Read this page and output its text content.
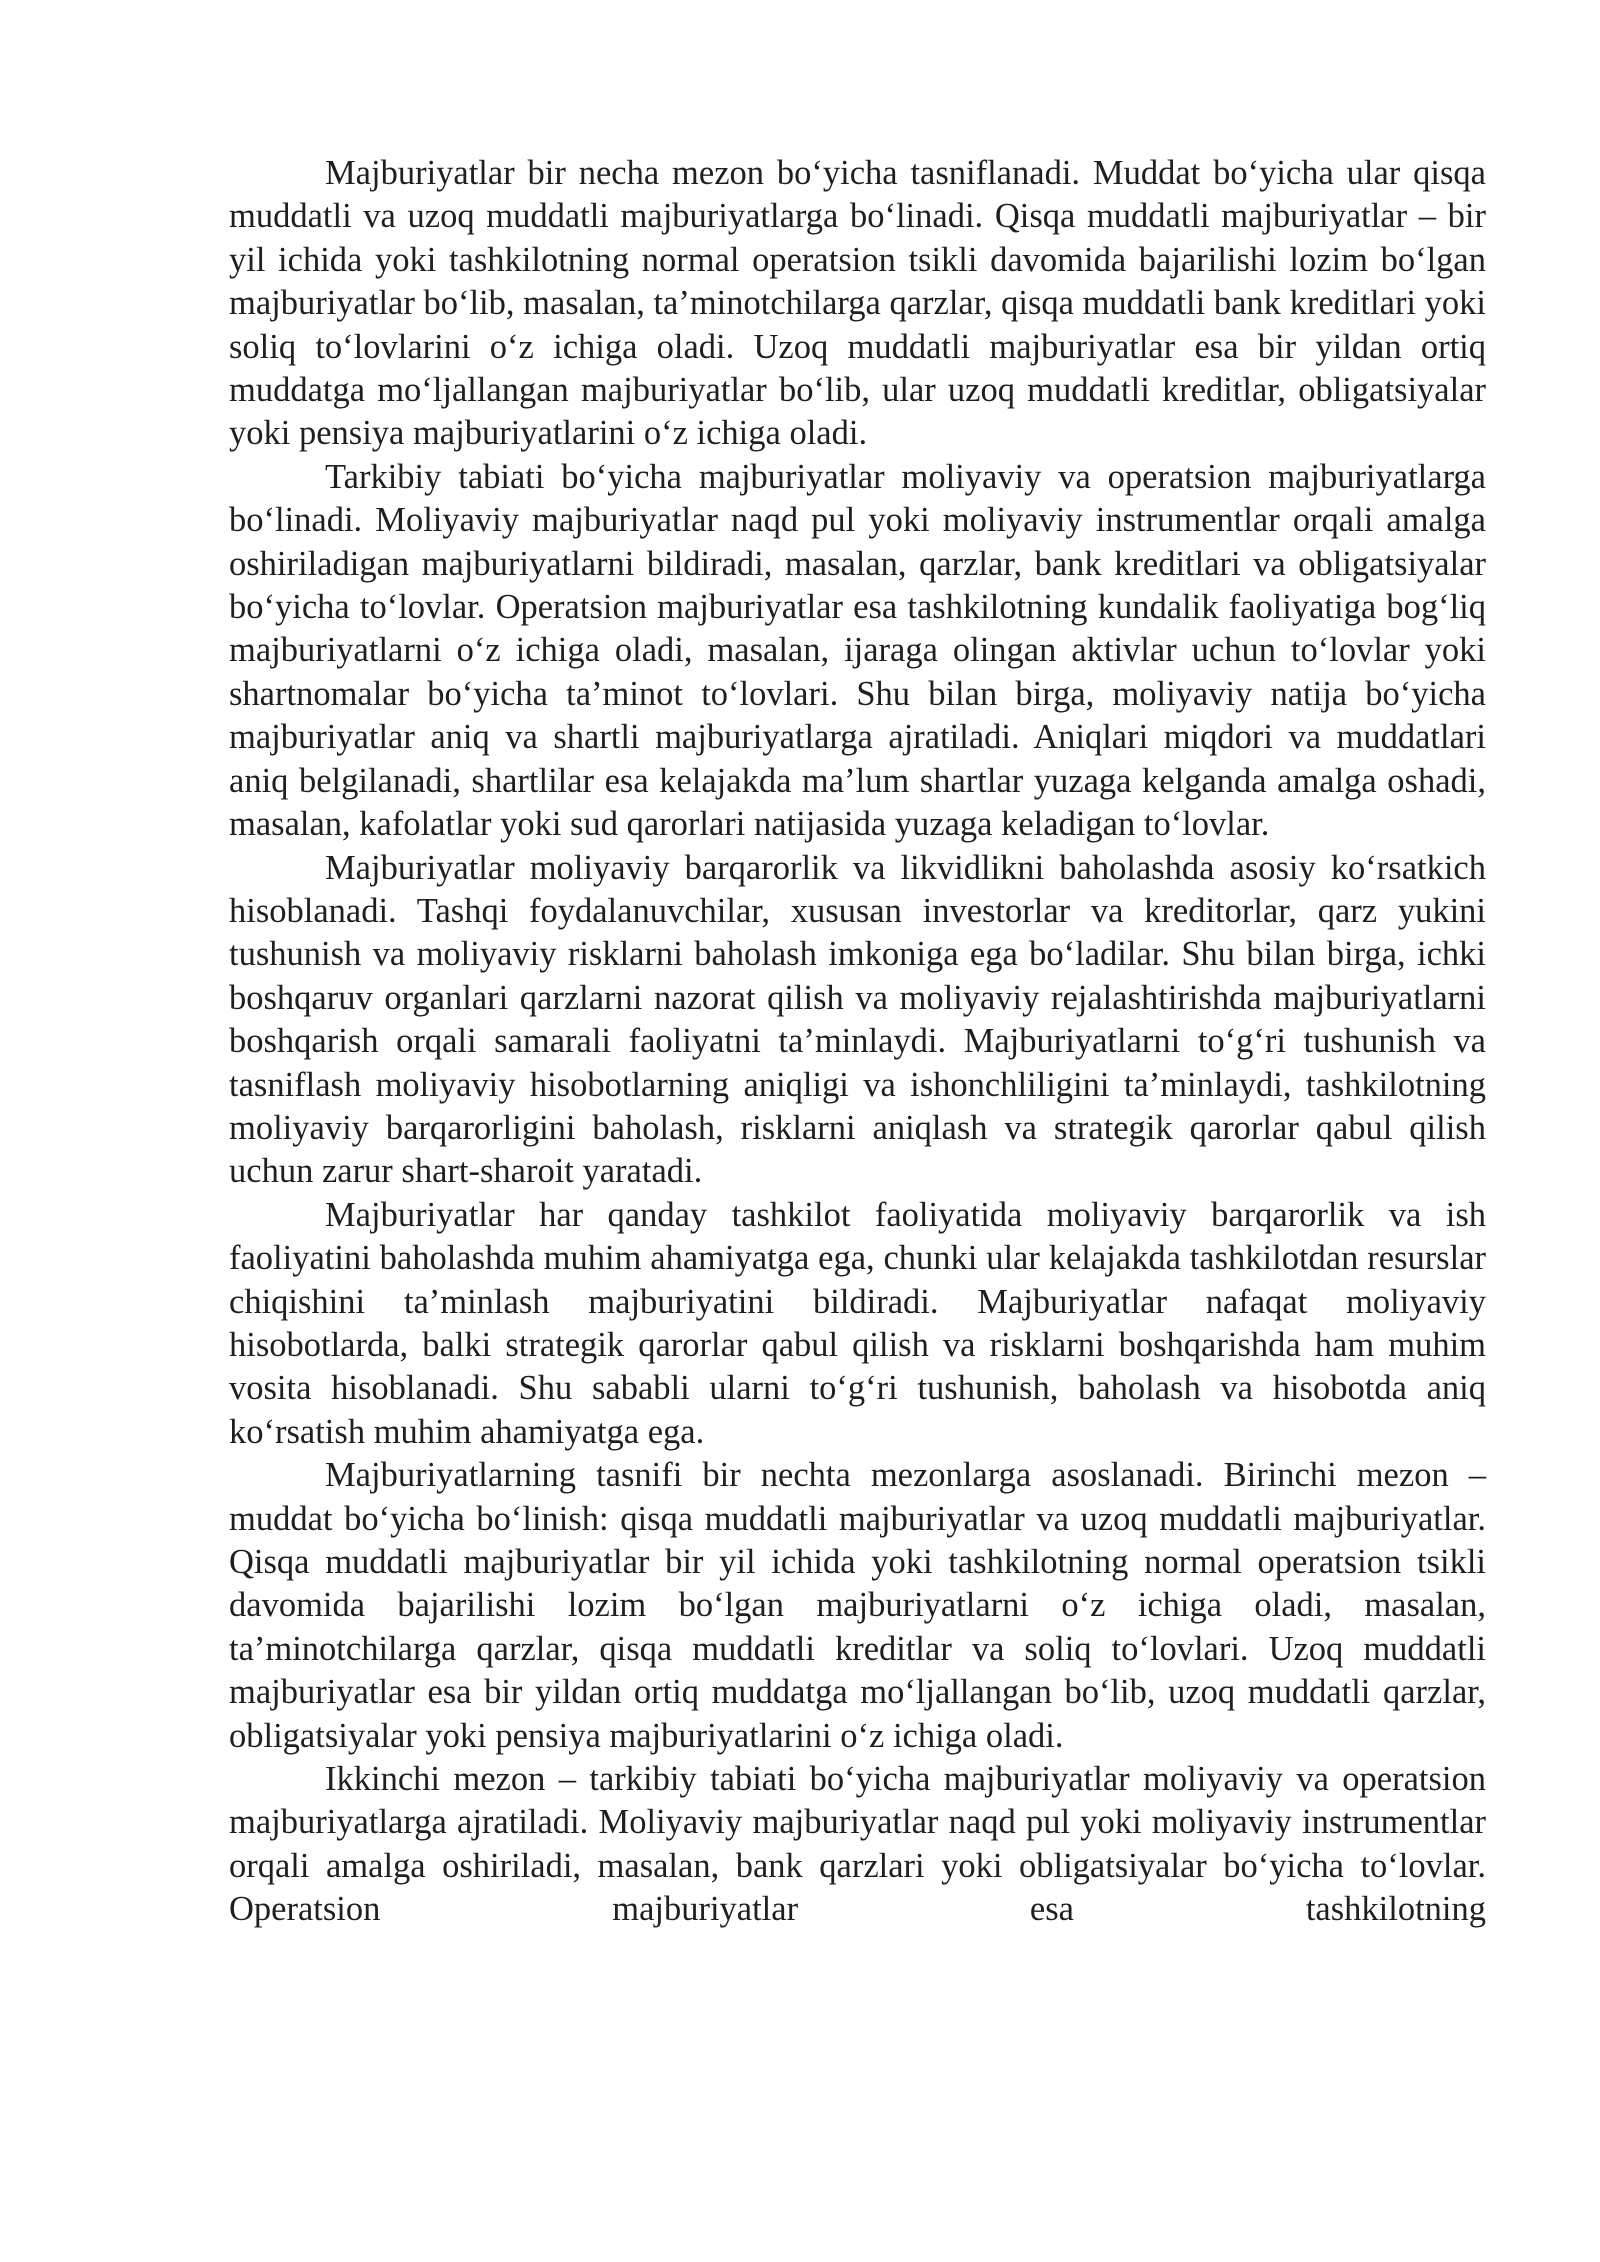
Majburiyatlar bir necha mezon bo‘yicha tasniflanadi. Muddat bo‘yicha ular qisqa muddatli va uzoq muddatli majburiyatlarga bo‘linadi. Qisqa muddatli majburiyatlar – bir yil ichida yoki tashkilotning normal operatsion tsikli davomida bajarilishi lozim bo‘lgan majburiyatlar bo‘lib, masalan, ta’minotchilarga qarzlar, qisqa muddatli bank kreditlari yoki soliq to‘lovlarini o‘z ichiga oladi. Uzoq muddatli majburiyatlar esa bir yildan ortiq muddatga mo‘ljallangan majburiyatlar bo‘lib, ular uzoq muddatli kreditlar, obligatsiyalar yoki pensiya majburiyatlarini o‘z ichiga oladi.

Tarkibiy tabiati bo‘yicha majburiyatlar moliyaviy va operatsion majburiyatlarga bo‘linadi. Moliyaviy majburiyatlar naqd pul yoki moliyaviy instrumentlar orqali amalga oshiriladigan majburiyatlarni bildiradi, masalan, qarzlar, bank kreditlari va obligatsiyalar bo‘yicha to‘lovlar. Operatsion majburiyatlar esa tashkilotning kundalik faoliyatiga bog‘liq majburiyatlarni o‘z ichiga oladi, masalan, ijaraga olingan aktivlar uchun to‘lovlar yoki shartnomalar bo‘yicha ta’minot to‘lovlari. Shu bilan birga, moliyaviy natija bo‘yicha majburiyatlar aniq va shartli majburiyatlarga ajratiladi. Aniqlari miqdori va muddatlari aniq belgilanadi, shartlilar esa kelajakda ma’lum shartlar yuzaga kelganda amalga oshadi, masalan, kafolatlar yoki sud qarorlari natijasida yuzaga keladigan to‘lovlar.

Majburiyatlar moliyaviy barqarorlik va likvidlikni baholashda asosiy ko‘rsatkich hisoblanadi. Tashqi foydalanuvchilar, xususan investorlar va kreditorlar, qarz yukini tushunish va moliyaviy risklarni baholash imkoniga ega bo‘ladilar. Shu bilan birga, ichki boshqaruv organlari qarzlarni nazorat qilish va moliyaviy rejalashtirishda majburiyatlarni boshqarish orqali samarali faoliyatni ta’minlaydi. Majburiyatlarni to‘g‘ri tushunish va tasniflash moliyaviy hisobotlarning aniqligi va ishonchliligini ta’minlaydi, tashkilotning moliyaviy barqarorligini baholash, risklarni aniqlash va strategik qarorlar qabul qilish uchun zarur shart-sharoit yaratadi.

Majburiyatlar har qanday tashkilot faoliyatida moliyaviy barqarorlik va ish faoliyatini baholashda muhim ahamiyatga ega, chunki ular kelajakda tashkilotdan resurslar chiqishini ta’minlash majburiyatini bildiradi. Majburiyatlar nafaqat moliyaviy hisobotlarda, balki strategik qarorlar qabul qilish va risklarni boshqarishda ham muhim vosita hisoblanadi. Shu sababli ularni to‘g‘ri tushunish, baholash va hisobotda aniq ko‘rsatish muhim ahamiyatga ega.

Majburiyatlarning tasnifi bir nechta mezonlarga asoslanadi. Birinchi mezon – muddat bo‘yicha bo‘linish: qisqa muddatli majburiyatlar va uzoq muddatli majburiyatlar. Qisqa muddatli majburiyatlar bir yil ichida yoki tashkilotning normal operatsion tsikli davomida bajarilishi lozim bo‘lgan majburiyatlarni o‘z ichiga oladi, masalan, ta’minotchilarga qarzlar, qisqa muddatli kreditlar va soliq to‘lovlari. Uzoq muddatli majburiyatlar esa bir yildan ortiq muddatga mo‘ljallangan bo‘lib, uzoq muddatli qarzlar, obligatsiyalar yoki pensiya majburiyatlarini o‘z ichiga oladi.

Ikkinchi mezon – tarkibiy tabiati bo‘yicha majburiyatlar moliyaviy va operatsion majburiyatlarga ajratiladi. Moliyaviy majburiyatlar naqd pul yoki moliyaviy instrumentlar orqali amalga oshiriladi, masalan, bank qarzlari yoki obligatsiyalar bo‘yicha to‘lovlar. Operatsion majburiyatlar esa tashkilotning
